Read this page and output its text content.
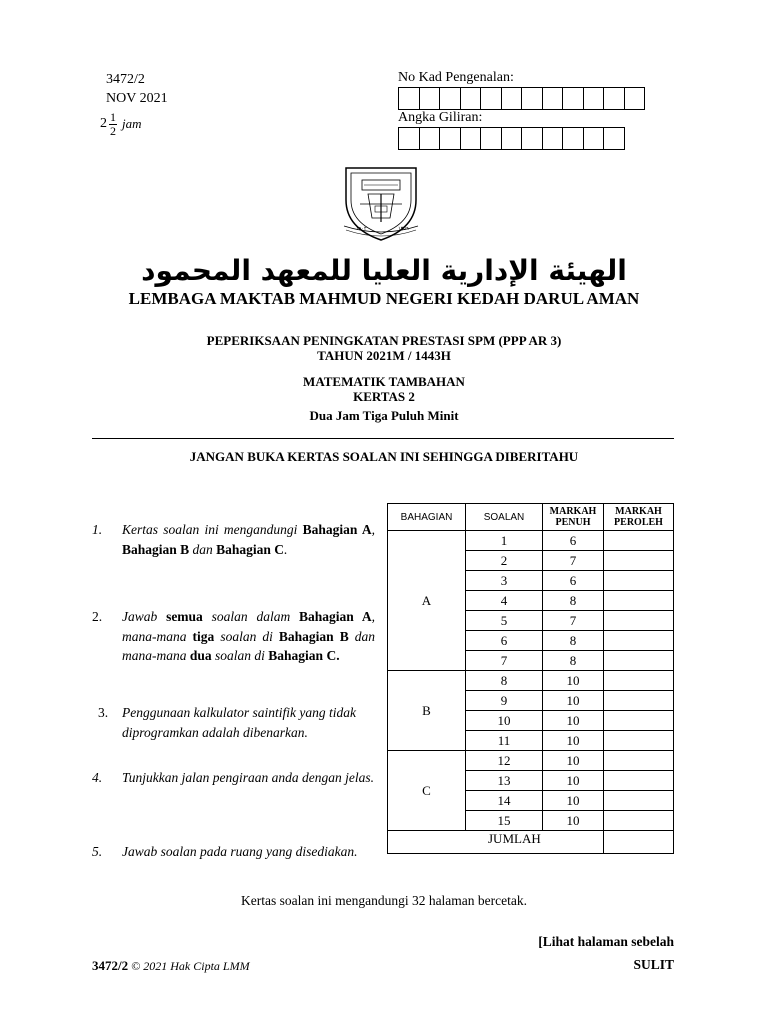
3472/2
NOV 2021
$2 \frac{1}{2}$ jam
No Kad Pengenalan:
Angka Giliran:
١٩٠٢	١٣٥٦
الهيئة الإدارية العليا للمعهد المحمود
LEMBAGA MAKTAB MAHMUD NEGERI KEDAH DARUL AMAN
PEPERIKSAAN PENINGKATAN PRESTASI SPM (PPP AR 3)
TAHUN 2021M / 1443H
MATEMATIK TAMBAHAN
KERTAS 2
Dua Jam Tiga Puluh Minit
JANGAN BUKA KERTAS SOALAN INI SEHINGGA DIBERITAHU
1.	Kertas soalan ini mengandungi Bahagian A, Bahagian B dan Bahagian C.
2.	Jawab semua soalan dalam Bahagian A, mana-mana tiga soalan di Bahagian B dan mana-mana dua soalan di Bahagian C.
3.	Penggunaan kalkulator saintifik yang tidak diprogramkan adalah dibenarkan.
4.	Tunjukkan jalan pengiraan anda dengan jelas.
5.	Jawab soalan pada ruang yang disediakan.
BAHAGIAN	SOALAN	MARKAH PENUH	MARKAH PEROLEH
A	1	6	
	2	7	
	3	6	
	4	8	
	5	7	
	6	8	
	7	8	
B	8	10	
	9	10	
	10	10	
	11	10	
C	12	10	
	13	10	
	14	10	
	15	10	
JUMLAH			
Kertas soalan ini mengandungi 32 halaman bercetak.
[Lihat halaman sebelah
3472/2 © 2021 Hak Cipta LMM	SULIT
